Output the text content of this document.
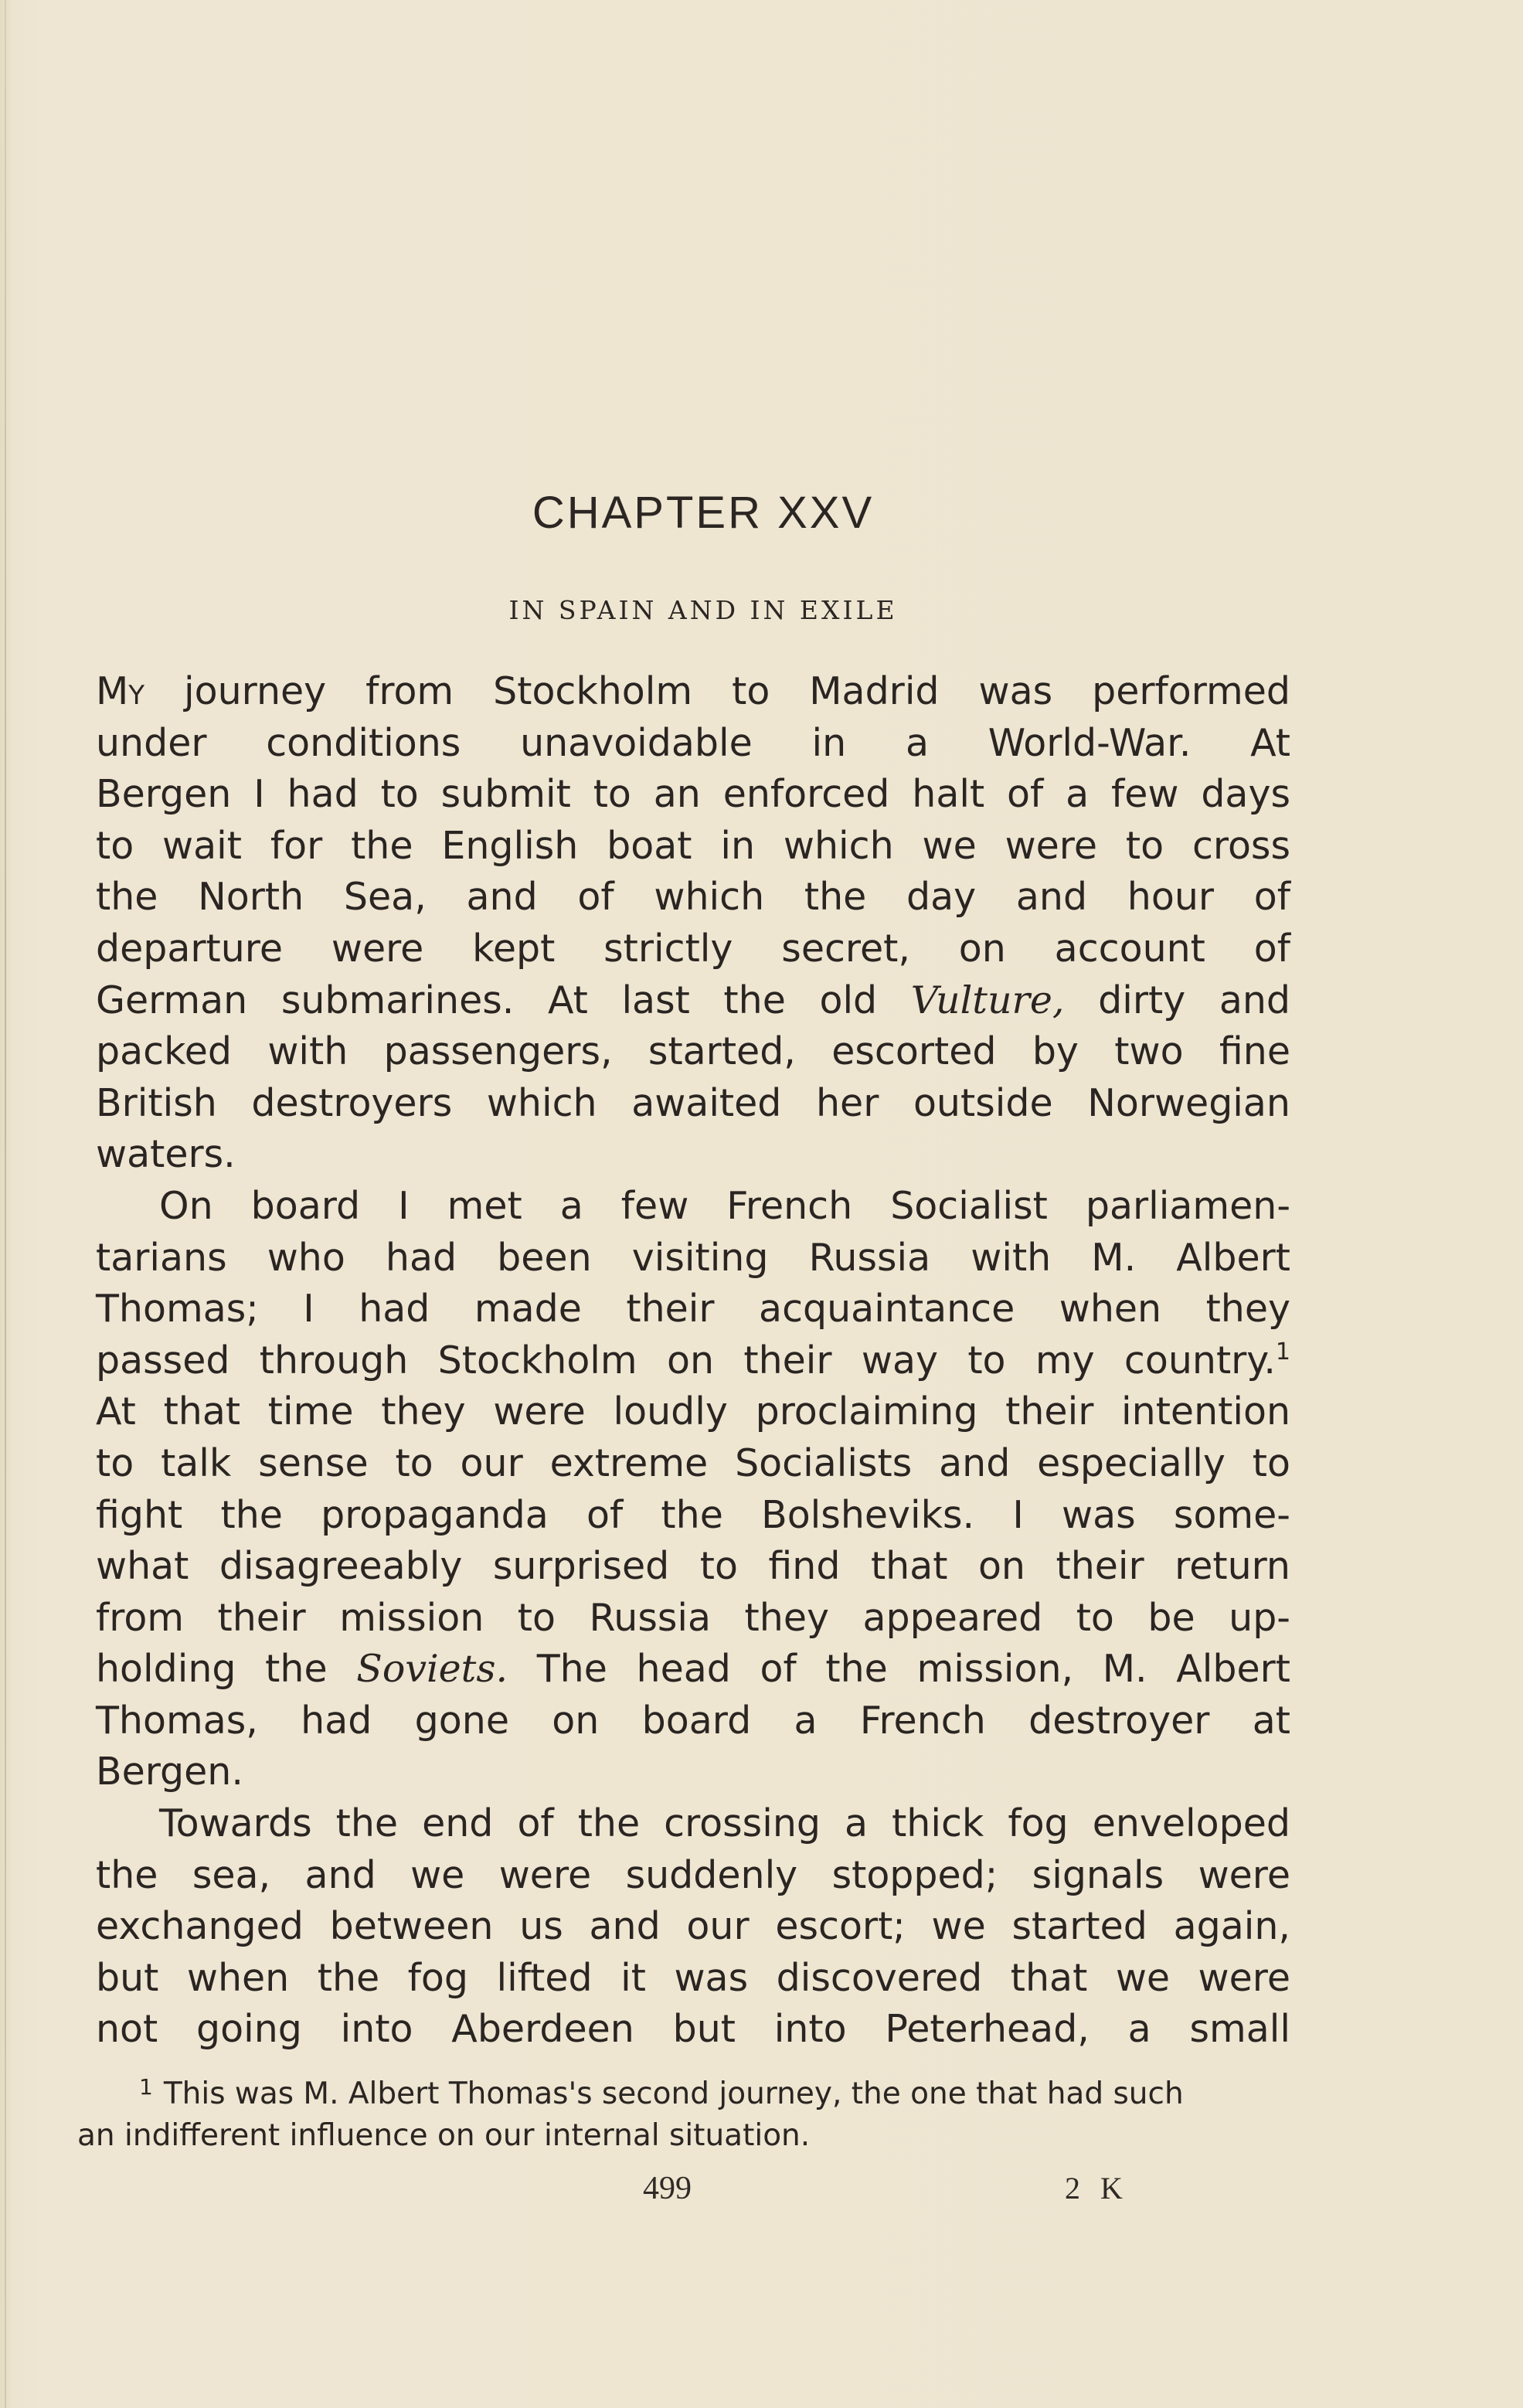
CHAPTER XXV
IN SPAIN AND IN EXILE
My journey from Stockholm to Madrid was performed
under conditions unavoidable in a World-War. At
Bergen I had to submit to an enforced halt of a few days
to wait for the English boat in which we were to cross
the North Sea, and of which the day and hour of
departure were kept strictly secret, on account of
German submarines. At last the old Vulture, dirty and
packed with passengers, started, escorted by two fine
British destroyers which awaited her outside Norwegian
waters.
On board I met a few French Socialist parliamen-
tarians who had been visiting Russia with M. Albert
Thomas; I had made their acquaintance when they
passed through Stockholm on their way to my country.$^1$
At that time they were loudly proclaiming their intention
to talk sense to our extreme Socialists and especially to
fight the propaganda of the Bolsheviks. I was some-
what disagreeably surprised to find that on their return
from their mission to Russia they appeared to be up-
holding the Soviets. The head of the mission, M. Albert
Thomas, had gone on board a French destroyer at
Bergen.
Towards the end of the crossing a thick fog enveloped
the sea, and we were suddenly stopped; signals were
exchanged between us and our escort; we started again,
but when the fog lifted it was discovered that we were
not going into Aberdeen but into Peterhead, a small
$^1$ This was M. Albert Thomas's second journey, the one that had such
an indifferent influence on our internal situation.
499	2 K
